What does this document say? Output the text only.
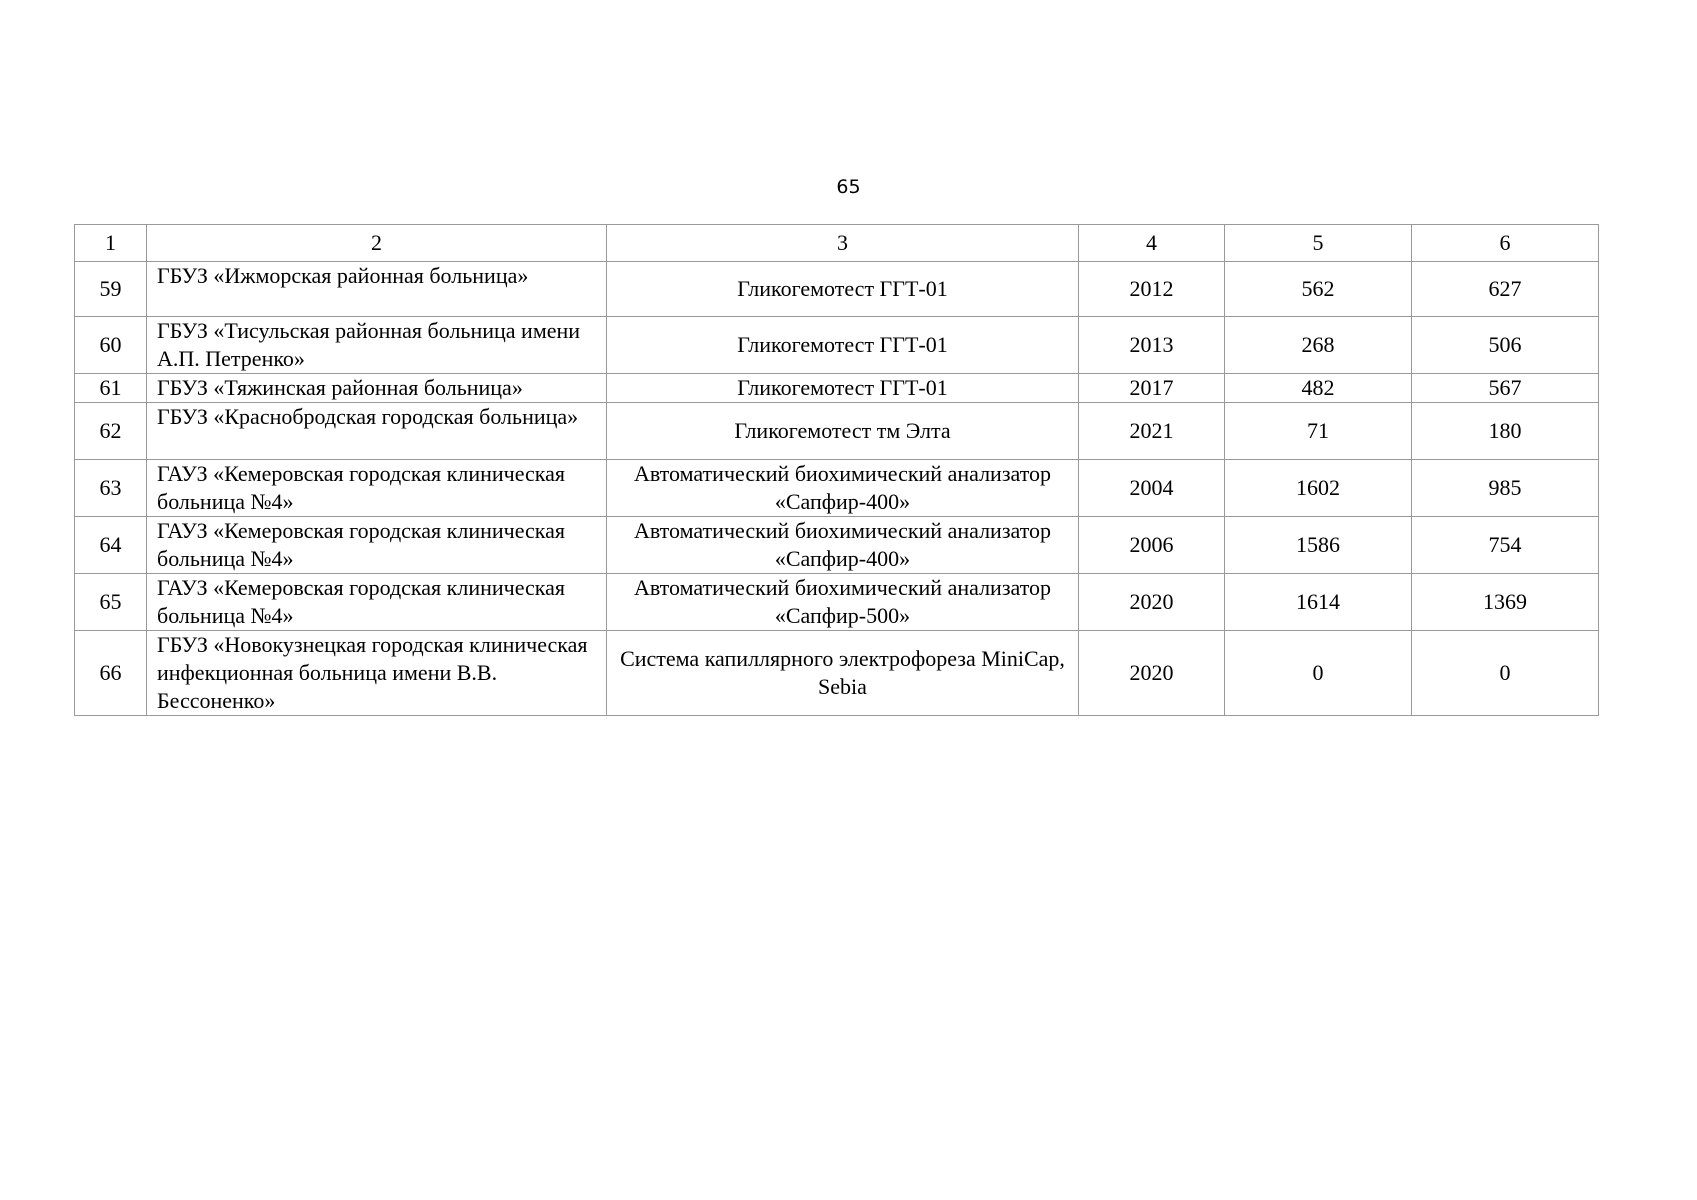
65
1	2	3	4	5	6
59	ГБУЗ «Ижморская районная больница»	Гликогемотест ГГТ-01	2012	562	627
60	ГБУЗ «Тисульская районная больница имени А.П. Петренко»	Гликогемотест ГГТ-01	2013	268	506
61	ГБУЗ «Тяжинская районная больница»	Гликогемотест ГГТ-01	2017	482	567
62	ГБУЗ «Краснобродская городская больница»	Гликогемотест тм Элта	2021	71	180
63	ГАУЗ «Кемеровская городская клиническая больница №4»	Автоматический биохимический анализатор «Сапфир-400»	2004	1602	985
64	ГАУЗ «Кемеровская городская клиническая больница №4»	Автоматический биохимический анализатор «Сапфир-400»	2006	1586	754
65	ГАУЗ «Кемеровская городская клиническая больница №4»	Автоматический биохимический анализатор «Сапфир-500»	2020	1614	1369
66	ГБУЗ «Новокузнецкая городская клиническая инфекционная больница имени В.В. Бессоненко»	Система капиллярного электрофореза MiniCap, Sebia	2020	0	0
